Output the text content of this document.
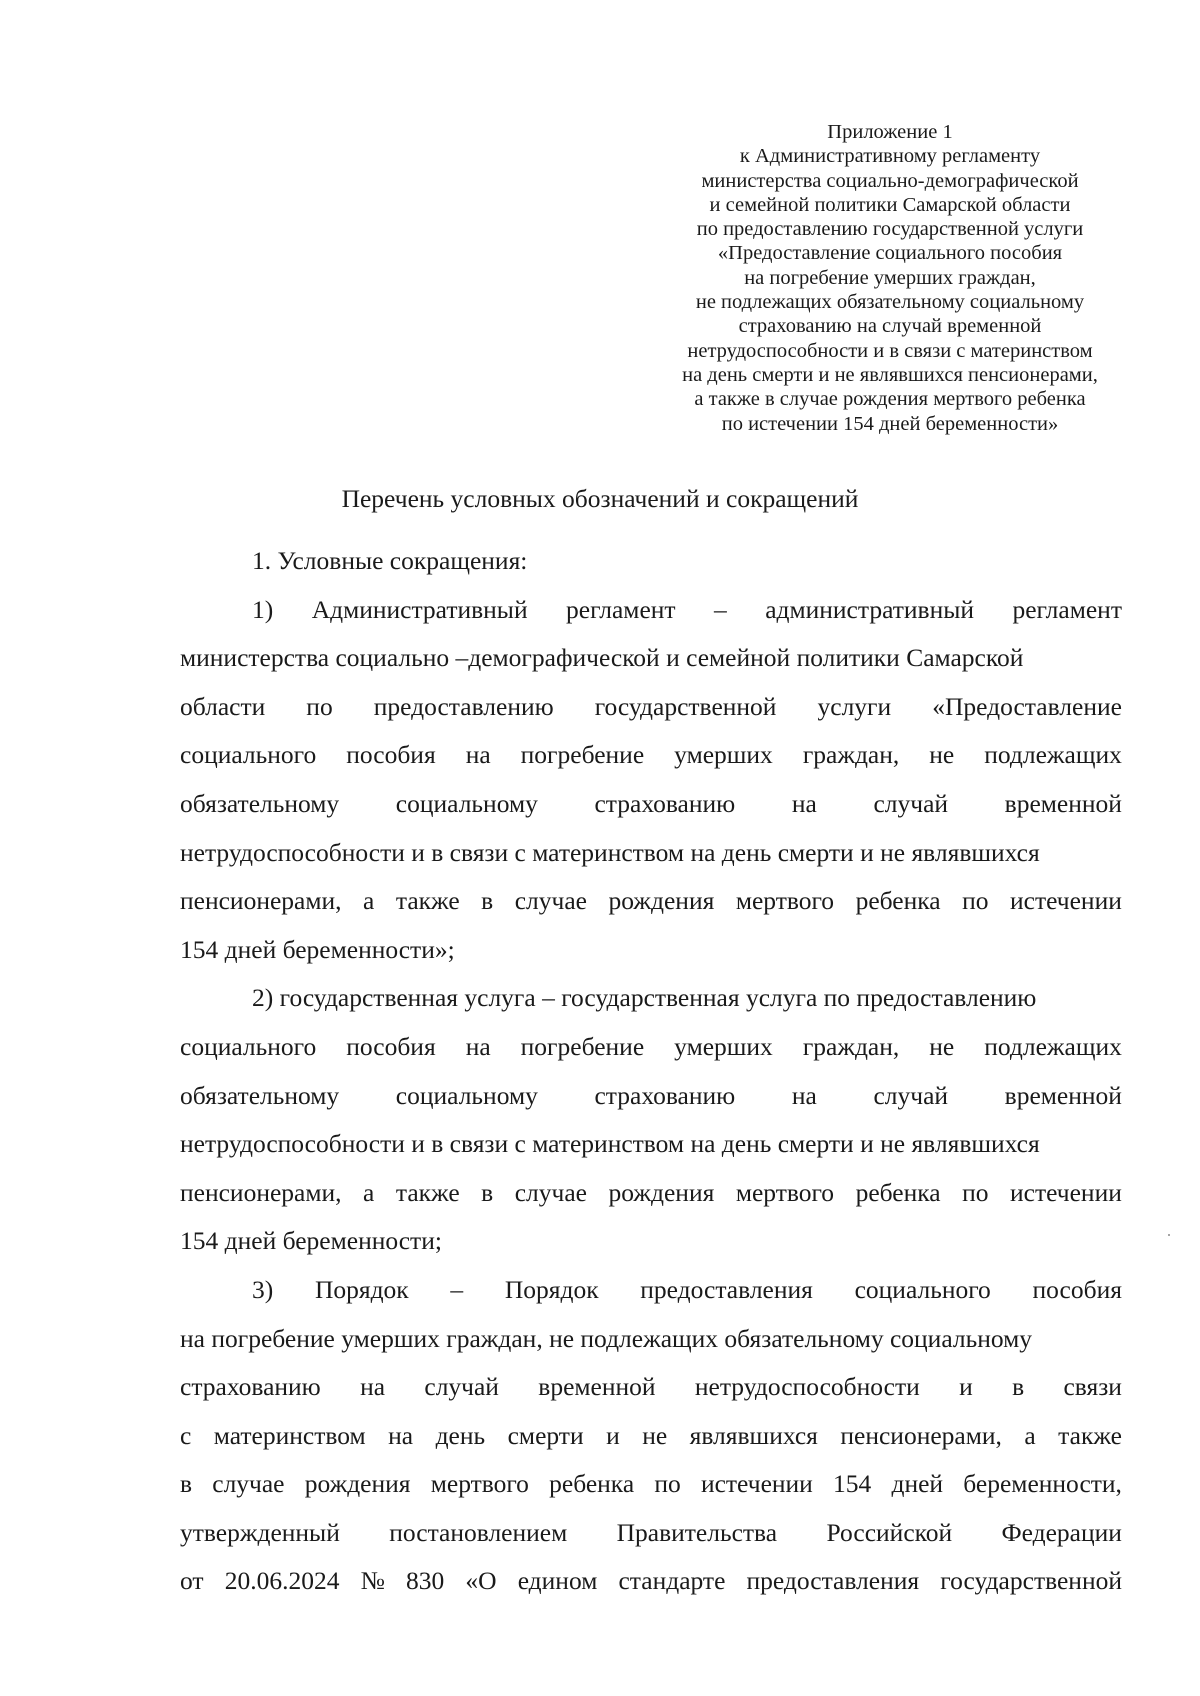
Приложение 1
к Административному регламенту
министерства социально-демографической
и семейной политики Самарской области
по предоставлению государственной услуги
«Предоставление социального пособия
на погребение умерших граждан,
не подлежащих обязательному социальному
страхованию на случай временной
нетрудоспособности и в связи с материнством
на день смерти и не являвшихся пенсионерами,
а также в случае рождения мертвого ребенка
по истечении 154 дней беременности»
Перечень условных обозначений и сокращений
1. Условные сокращения:
1) Административный регламент – административный регламент
министерства социально –демографической и семейной политики Самарской
области по предоставлению государственной услуги «Предоставление
социального пособия на погребение умерших граждан, не подлежащих
обязательному социальному страхованию на случай временной
нетрудоспособности и в связи с материнством на день смерти и не являвшихся
пенсионерами, а также в случае рождения мертвого ребенка по истечении
154 дней беременности»;
2) государственная услуга – государственная услуга по предоставлению
социального пособия на погребение умерших граждан, не подлежащих
обязательному социальному страхованию на случай временной
нетрудоспособности и в связи с материнством на день смерти и не являвшихся
пенсионерами, а также в случае рождения мертвого ребенка по истечении
154 дней беременности;
3) Порядок – Порядок предоставления социального пособия
на погребение умерших граждан, не подлежащих обязательному социальному
страхованию на случай временной нетрудоспособности и в связи
с материнством на день смерти и не являвшихся пенсионерами, а также
в случае рождения мертвого ребенка по истечении 154 дней беременности,
утвержденный постановлением Правительства Российской Федерации
от 20.06.2024 № 830 «О едином стандарте предоставления государственной
